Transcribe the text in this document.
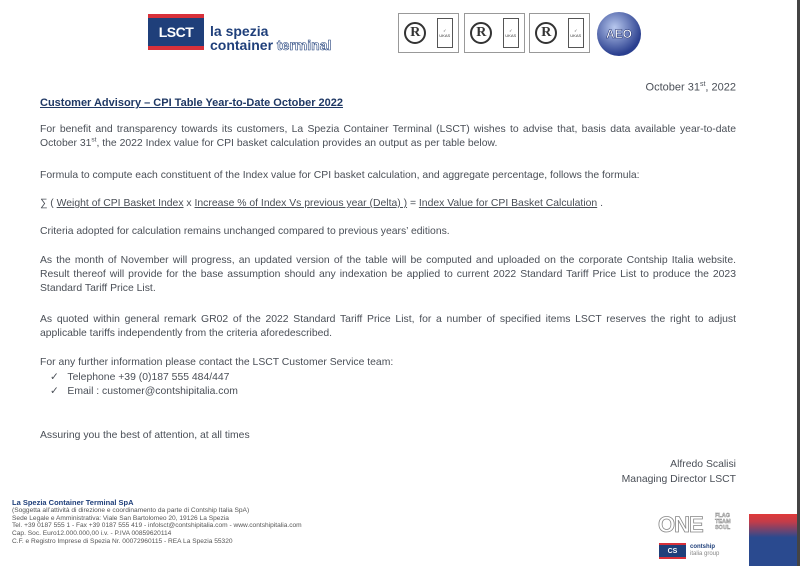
LSCT	la spezia
container terminal
R	✓
UKAS	R	✓
UKAS	R	✓
UKAS	AEO
October 31st, 2022
Customer Advisory – CPI Table Year-to-Date October 2022
For benefit and transparency towards its customers, La Spezia Container Terminal (LSCT) wishes to advise that, basis data available year-to-date October 31st, the 2022 Index value for CPI basket calculation provides an output as per table below.
Formula to compute each constituent of the Index value for CPI basket calculation, and aggregate percentage, follows the formula:
∑ ( Weight of CPI Basket Index x Increase % of Index Vs previous year (Delta) ) = Index Value for CPI Basket Calculation .
Criteria adopted for calculation remains unchanged compared to previous years’ editions.
As the month of November will progress, an updated version of the table will be computed and uploaded on the corporate Contship Italia website. Result thereof will provide for the base assumption should any indexation be applied to current 2022 Standard Tariff Price List to produce the 2023 Standard Tariff Price List.
As quoted within general remark GR02 of the 2022 Standard Tariff Price List, for a number of specified items LSCT reserves the right to adjust applicable tariffs independently from the criteria aforedescribed.
For any further information please contact the LSCT Customer Service team:
✓ Telephone +39 (0)187 555 484/447
✓ Email : customer@contshipitalia.com
Assuring you the best of attention, at all times
Alfredo Scalisi
Managing Director LSCT
La Spezia Container Terminal SpA
(Soggetta all’attività di direzione e coordinamento da parte di Contship Italia SpA)
Sede Legale e Amministrativa: Viale San Bartolomeo 20, 19126 La Spezia
Tel. +39 0187 555 1 - Fax +39 0187 555 419 - infolsct@contshipitalia.com - www.contshipitalia.com
Cap. Soc. Euro12.000.000,00 i.v. - P.IVA 00859620114
C.F. e Registro Imprese di Spezia Nr. 00072960115 - REA La Spezia 55320
ONE FLAG
TEAM
SOUL
CS
contship
italia group
